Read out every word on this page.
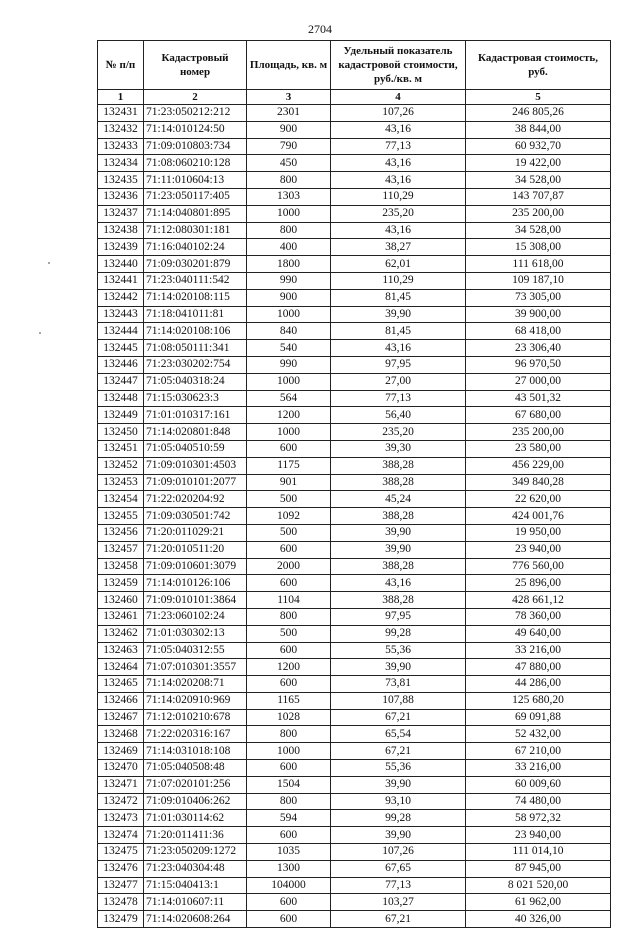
2704
№ п/п	Кадастровый номер	Площадь, кв. м	Удельный показатель кадастровой стоимости, руб./кв. м	Кадастровая стоимость, руб.
1	2	3	4	5
132431	71:23:050212:212	2301	107,26	246 805,26
132432	71:14:010124:50	900	43,16	38 844,00
132433	71:09:010803:734	790	77,13	60 932,70
132434	71:08:060210:128	450	43,16	19 422,00
132435	71:11:010604:13	800	43,16	34 528,00
132436	71:23:050117:405	1303	110,29	143 707,87
132437	71:14:040801:895	1000	235,20	235 200,00
132438	71:12:080301:181	800	43,16	34 528,00
132439	71:16:040102:24	400	38,27	15 308,00
132440	71:09:030201:879	1800	62,01	111 618,00
132441	71:23:040111:542	990	110,29	109 187,10
132442	71:14:020108:115	900	81,45	73 305,00
132443	71:18:041011:81	1000	39,90	39 900,00
132444	71:14:020108:106	840	81,45	68 418,00
132445	71:08:050111:341	540	43,16	23 306,40
132446	71:23:030202:754	990	97,95	96 970,50
132447	71:05:040318:24	1000	27,00	27 000,00
132448	71:15:030623:3	564	77,13	43 501,32
132449	71:01:010317:161	1200	56,40	67 680,00
132450	71:14:020801:848	1000	235,20	235 200,00
132451	71:05:040510:59	600	39,30	23 580,00
132452	71:09:010301:4503	1175	388,28	456 229,00
132453	71:09:010101:2077	901	388,28	349 840,28
132454	71:22:020204:92	500	45,24	22 620,00
132455	71:09:030501:742	1092	388,28	424 001,76
132456	71:20:011029:21	500	39,90	19 950,00
132457	71:20:010511:20	600	39,90	23 940,00
132458	71:09:010601:3079	2000	388,28	776 560,00
132459	71:14:010126:106	600	43,16	25 896,00
132460	71:09:010101:3864	1104	388,28	428 661,12
132461	71:23:060102:24	800	97,95	78 360,00
132462	71:01:030302:13	500	99,28	49 640,00
132463	71:05:040312:55	600	55,36	33 216,00
132464	71:07:010301:3557	1200	39,90	47 880,00
132465	71:14:020208:71	600	73,81	44 286,00
132466	71:14:020910:969	1165	107,88	125 680,20
132467	71:12:010210:678	1028	67,21	69 091,88
132468	71:22:020316:167	800	65,54	52 432,00
132469	71:14:031018:108	1000	67,21	67 210,00
132470	71:05:040508:48	600	55,36	33 216,00
132471	71:07:020101:256	1504	39,90	60 009,60
132472	71:09:010406:262	800	93,10	74 480,00
132473	71:01:030114:62	594	99,28	58 972,32
132474	71:20:011411:36	600	39,90	23 940,00
132475	71:23:050209:1272	1035	107,26	111 014,10
132476	71:23:040304:48	1300	67,65	87 945,00
132477	71:15:040413:1	104000	77,13	8 021 520,00
132478	71:14:010607:11	600	103,27	61 962,00
132479	71:14:020608:264	600	67,21	40 326,00
